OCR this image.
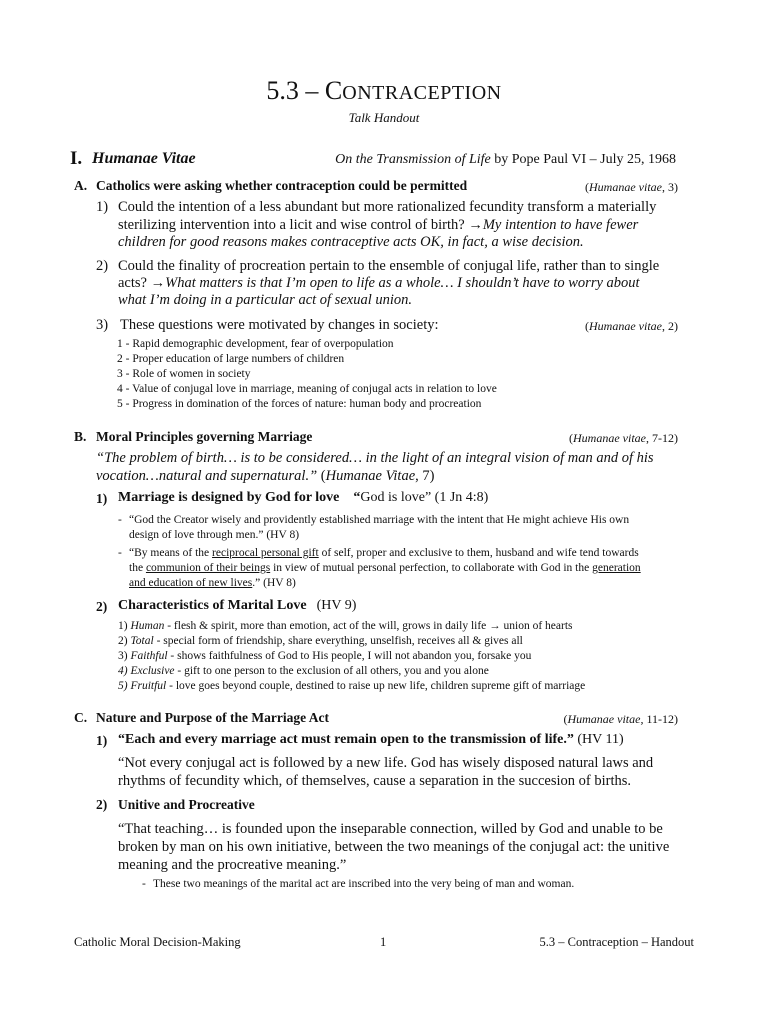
5.3 – CONTRACEPTION
Talk Handout
I. Humanae Vitae	On the Transmission of Life by Pope Paul VI – July 25, 1968
A. Catholics were asking whether contraception could be permitted	(Humanae vitae, 3)
1) Could the intention of a less abundant but more rationalized fecundity transform a materially
sterilizing intervention into a licit and wise control of birth? →My intention to have fewer
children for good reasons makes contraceptive acts OK, in fact, a wise decision.
2) Could the finality of procreation pertain to the ensemble of conjugal life, rather than to single
acts? →What matters is that I’m open to life as a whole… I shouldn’t have to worry about
what I’m doing in a particular act of sexual union.
3) These questions were motivated by changes in society:	(Humanae vitae, 2)
1 - Rapid demographic development, fear of overpopulation
2 - Proper education of large numbers of children
3 - Role of women in society
4 - Value of conjugal love in marriage, meaning of conjugal acts in relation to love
5 - Progress in domination of the forces of nature: human body and procreation
B. Moral Principles governing Marriage	(Humanae vitae, 7-12)
“The problem of birth… is to be considered… in the light of an integral vision of man and of his
vocation…natural and supernatural.” (Humanae Vitae, 7)
1) Marriage is designed by God for love “God is love” (1 Jn 4:8)
- “God the Creator wisely and providently established marriage with the intent that He might achieve His own
design of love through men.” (HV 8)
- “By means of the reciprocal personal gift of self, proper and exclusive to them, husband and wife tend towards
the communion of their beings in view of mutual personal perfection, to collaborate with God in the generation
and education of new lives.” (HV 8)
2) Characteristics of Marital Love (HV 9)
1) Human - flesh & spirit, more than emotion, act of the will, grows in daily life → union of hearts
2) Total - special form of friendship, share everything, unselfish, receives all & gives all
3) Faithful - shows faithfulness of God to His people, I will not abandon you, forsake you
4) Exclusive - gift to one person to the exclusion of all others, you and you alone
5) Fruitful - love goes beyond couple, destined to raise up new life, children supreme gift of marriage
C. Nature and Purpose of the Marriage Act	(Humanae vitae, 11-12)
1) “Each and every marriage act must remain open to the transmission of life.” (HV 11)
“Not every conjugal act is followed by a new life. God has wisely disposed natural laws and
rhythms of fecundity which, of themselves, cause a separation in the succesion of births.
2) Unitive and Procreative
“That teaching… is founded upon the inseparable connection, willed by God and unable to be
broken by man on his own initiative, between the two meanings of the conjugal act: the unitive
meaning and the procreative meaning.”
- These two meanings of the marital act are inscribed into the very being of man and woman.
Catholic Moral Decision-Making	1	5.3 – Contraception – Handout
